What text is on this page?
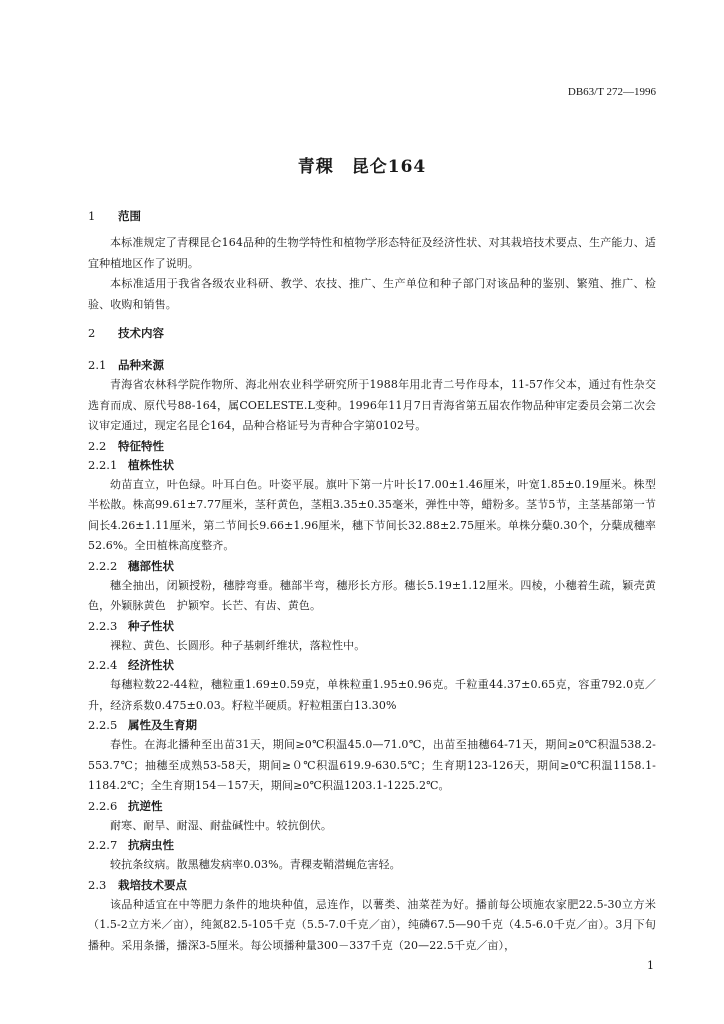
DB63/T 272—1996
青稞　昆仑164
1 范围

本标准规定了青稞昆仑164品种的生物学特性和植物学形态特征及经济性状、对其栽培技术要点、生产能力、适宜种植地区作了说明。

本标准适用于我省各级农业科研、教学、农技、推广、生产单位和种子部门对该品种的鉴别、繁殖、推广、检验、收购和销售。

2 技术内容
2.1 品种来源

青海省农林科学院作物所、海北州农业科学研究所于1988年用北青二号作母本，11-57作父本，通过有性杂交选育而成、原代号88-164，属COELESTE.L变种。1996年11月7日青海省第五届农作物品种审定委员会第二次会议审定通过，现定名昆仑164，品种合格证号为青种合字第0102号。

2.2 特征特性
2.2.1 植株性状

幼苗直立，叶色绿。叶耳白色。叶姿平展。旗叶下第一片叶长17.00±1.46厘米，叶宽1.85±0.19厘米。株型半松散。株高99.61±7.77厘米，茎秆黄色，茎粗3.35±0.35毫米，弹性中等，蜡粉多。茎节5节，主茎基部第一节间长4.26±1.11厘米，第二节间长9.66±1.96厘米，穗下节间长32.88±2.75厘米。单株分蘖0.30个，分蘖成穗率52.6%。全田植株高度整齐。

2.2.2 穗部性状

穗全抽出，闭颖授粉，穗脖弯垂。穗部半弯，穗形长方形。穗长5.19±1.12厘米。四棱，小穗着生疏，颖壳黄色，外颖脉黄色　护颖窄。长芒、有齿、黄色。

2.2.3 种子性状

裸粒、黄色、长圆形。种子基刺纤维状，落粒性中。

2.2.4 经济性状

每穗粒数22-44粒，穗粒重1.69±0.59克，单株粒重1.95±0.96克。千粒重44.37±0.65克，容重792.0克／升，经济系数0.475±0.03。籽粒半硬质。籽粒粗蛋白13.30%

2.2.5 属性及生育期

春性。在海北播种至出苗31天，期间≥0℃积温45.0—71.0℃，出苗至抽穗64-71天，期间≥0℃积温538.2-553.7℃；抽穗至成熟53-58天，期间≥０℃积温619.9-630.5℃；生育期123-126天，期间≥0℃积温1158.1-1184.2℃；全生育期154－157天，期间≥0℃积温1203.1-1225.2℃。

2.2.6 抗逆性

耐寒、耐旱、耐湿、耐盐碱性中。较抗倒伏。

2.2.7 抗病虫性

较抗条纹病。散黑穗发病率0.03%。青稞麦鞘潜蝇危害轻。

2.3 栽培技术要点

该品种适宜在中等肥力条件的地块种值，忌连作，以薯类、油菜茬为好。播前每公顷施农家肥22.5-30立方米（1.5-2立方米／亩），纯氮82.5-105千克（5.5-7.0千克／亩），纯磷67.5—90千克（4.5-6.0千克／亩）。3月下旬播种。采用条播，播深3-5厘米。每公顷播种量300－337千克（20—22.5千克／亩），

1
